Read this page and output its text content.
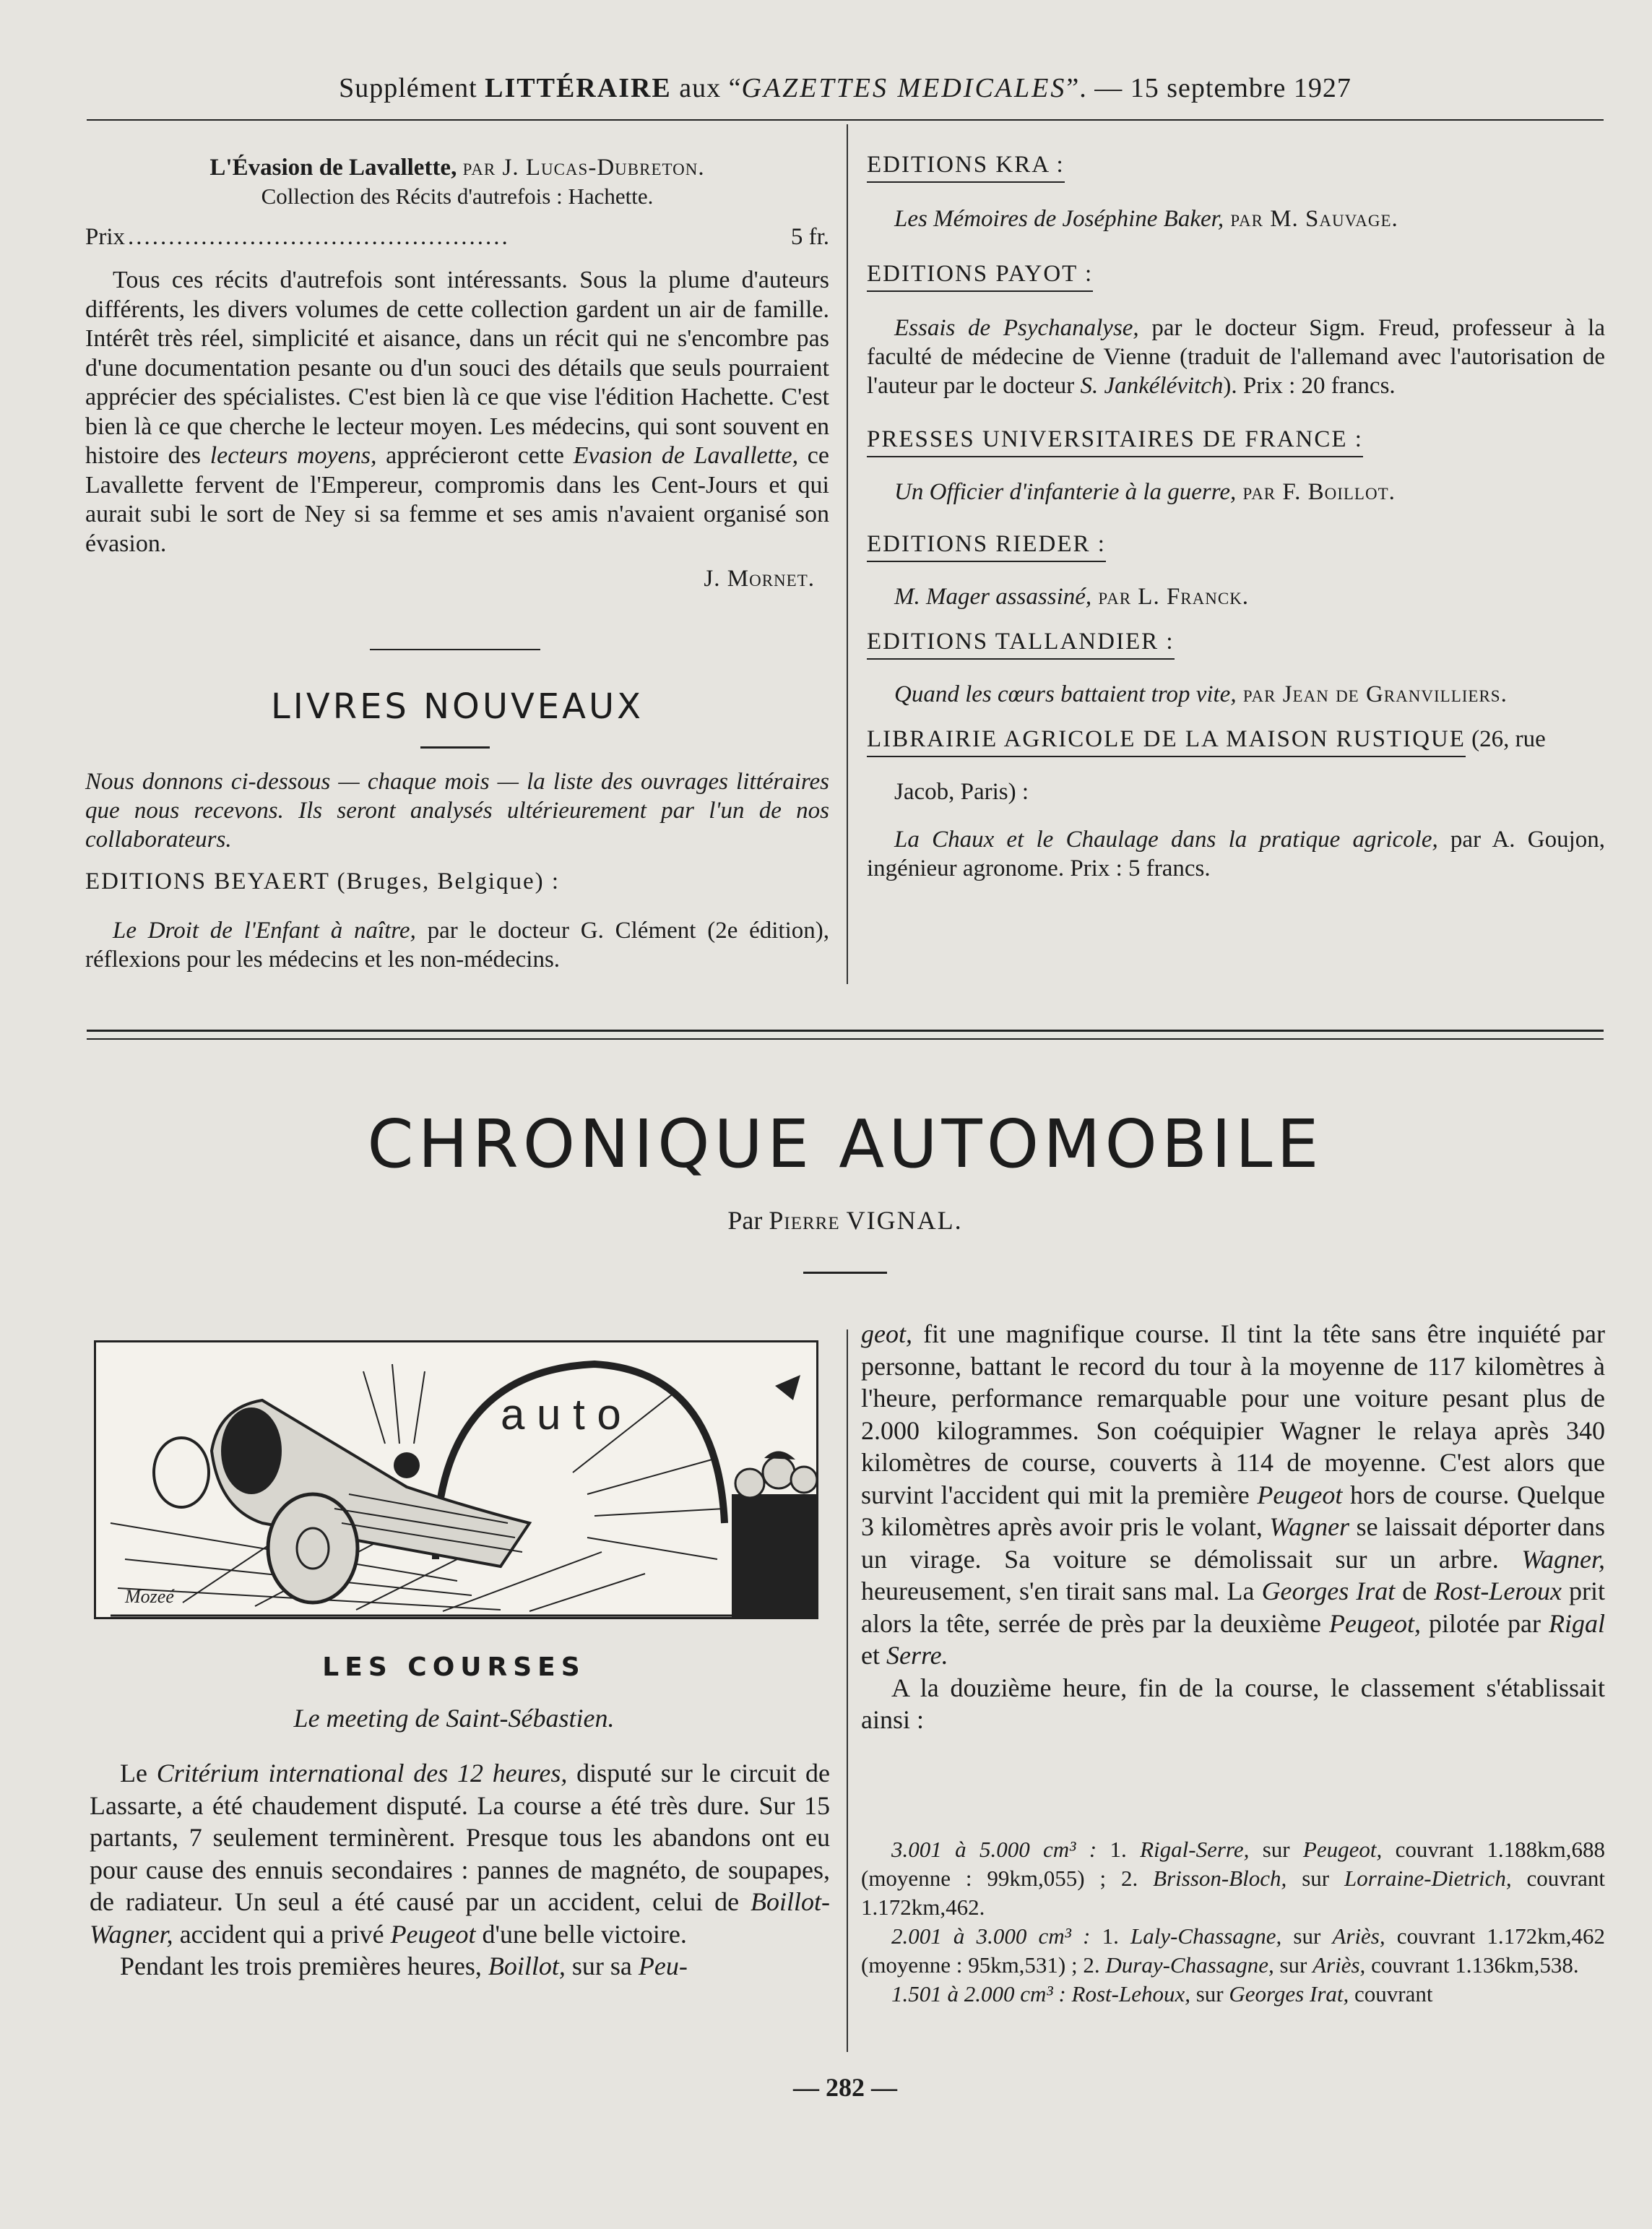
Supplément LITTÉRAIRE aux “GAZETTES MEDICALES”. — 15 septembre 1927

L'Évasion de Lavallette, par J. Lucas-Dubreton.

Collection des Récits d'autrefois : Hachette.

Prix ...............................................	5 fr.

Tous ces récits d'autrefois sont intéressants. Sous la plume d'auteurs différents, les divers volumes de cette collection gardent un air de famille. Intérêt très réel, simplicité et aisance, dans un récit qui ne s'encombre pas d'une documentation pesante ou d'un souci des détails que seuls pourraient apprécier des spécialistes. C'est bien là ce que vise l'édition Hachette. C'est bien là ce que cherche le lecteur moyen. Les médecins, qui sont souvent en histoire des lecteurs moyens, apprécieront cette Evasion de Lavallette, ce Lavallette fervent de l'Empereur, compromis dans les Cent-Jours et qui aurait subi le sort de Ney si sa femme et ses amis n'avaient organisé son évasion.

J. Mornet.

LIVRES NOUVEAUX

Nous donnons ci-dessous — chaque mois — la liste des ouvrages littéraires que nous recevons. Ils seront analysés ultérieurement par l'un de nos collaborateurs.

EDITIONS BEYAERT (Bruges, Belgique) :

Le Droit de l'Enfant à naître, par le docteur G. Clément (2e édition), réflexions pour les médecins et les non-médecins.

EDITIONS KRA :

Les Mémoires de Joséphine Baker, par M. Sauvage.

EDITIONS PAYOT :

Essais de Psychanalyse, par le docteur Sigm. Freud, professeur à la faculté de médecine de Vienne (traduit de l'allemand avec l'autorisation de l'auteur par le docteur S. Jankélévitch). Prix : 20 francs.

PRESSES UNIVERSITAIRES DE FRANCE :

Un Officier d'infanterie à la guerre, par F. Boillot.

EDITIONS RIEDER :

M. Mager assassiné, par L. Franck.

EDITIONS TALLANDIER :

Quand les cœurs battaient trop vite, par Jean de Granvilliers.

LIBRAIRIE AGRICOLE DE LA MAISON RUSTIQUE (26, rue

Jacob, Paris) :

La Chaux et le Chaulage dans la pratique agricole, par A. Goujon, ingénieur agronome. Prix : 5 francs.

CHRONIQUE AUTOMOBILE
Par Pierre VIGNAL.
a u t o
Mozeé
LES COURSES
Le meeting de Saint-Sébastien.

Le Critérium international des 12 heures, disputé sur le circuit de Lassarte, a été chaudement disputé. La course a été très dure. Sur 15 partants, 7 seulement terminèrent. Presque tous les abandons ont eu pour cause des ennuis secondaires : pannes de magnéto, de soupapes, de radiateur. Un seul a été causé par un accident, celui de Boillot-Wagner, accident qui a privé Peugeot d'une belle victoire.

Pendant les trois premières heures, Boillot, sur sa Peu-

geot, fit une magnifique course. Il tint la tête sans être inquiété par personne, battant le record du tour à la moyenne de 117 kilomètres à l'heure, performance remarquable pour une voiture pesant plus de 2.000 kilogrammes. Son coéquipier Wagner le relaya après 340 kilomètres de course, couverts à 114 de moyenne. C'est alors que survint l'accident qui mit la première Peugeot hors de course. Quelque 3 kilomètres après avoir pris le volant, Wagner se laissait déporter dans un virage. Sa voiture se démolissait sur un arbre. Wagner, heureusement, s'en tirait sans mal. La Georges Irat de Rost-Leroux prit alors la tête, serrée de près par la deuxième Peugeot, pilotée par Rigal et Serre.

A la douzième heure, fin de la course, le classement s'établissait ainsi :

3.001 à 5.000 cm³ : 1. Rigal-Serre, sur Peugeot, couvrant 1.188km,688 (moyenne : 99km,055) ; 2. Brisson-Bloch, sur Lorraine-Dietrich, couvrant 1.172km,462.

2.001 à 3.000 cm³ : 1. Laly-Chassagne, sur Ariès, couvrant 1.172km,462 (moyenne : 95km,531) ; 2. Duray-Chassagne, sur Ariès, couvrant 1.136km,538.

1.501 à 2.000 cm³ : Rost-Lehoux, sur Georges Irat, couvrant

— 282 —
